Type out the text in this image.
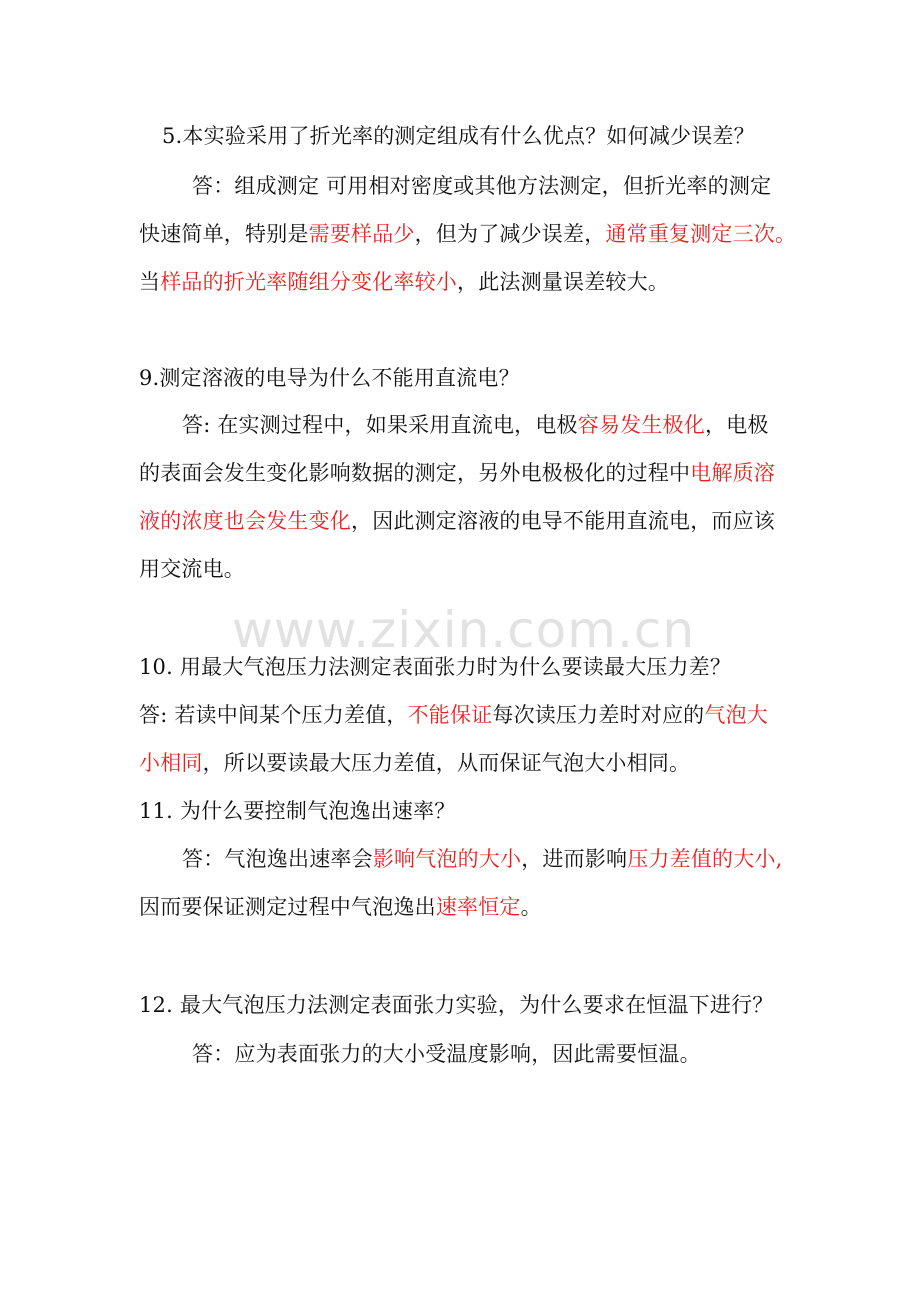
www.zixin.com.cn
5.本实验采用了折光率的测定组成有什么优点？如何减少误差？
答：组成测定 可用相对密度或其他方法测定，但折光率的测定
快速简单，特别是需要样品少，但为了减少误差，通常重复测定三次。
当样品的折光率随组分变化率较小，此法测量误差较大。
9.测定溶液的电导为什么不能用直流电？
答: 在实测过程中，如果采用直流电，电极容易发生极化，电极
的表面会发生变化影响数据的测定，另外电极极化的过程中电解质溶
液的浓度也会发生变化，因此测定溶液的电导不能用直流电，而应该
用交流电。
10. 用最大气泡压力法测定表面张力时为什么要读最大压力差？
答: 若读中间某个压力差值，不能保证每次读压力差时对应的气泡大
小相同，所以要读最大压力差值，从而保证气泡大小相同。
11. 为什么要控制气泡逸出速率？
答：气泡逸出速率会影响气泡的大小，进而影响压力差值的大小,
因而要保证测定过程中气泡逸出速率恒定。
12. 最大气泡压力法测定表面张力实验，为什么要求在恒温下进行？
答：应为表面张力的大小受温度影响，因此需要恒温。
